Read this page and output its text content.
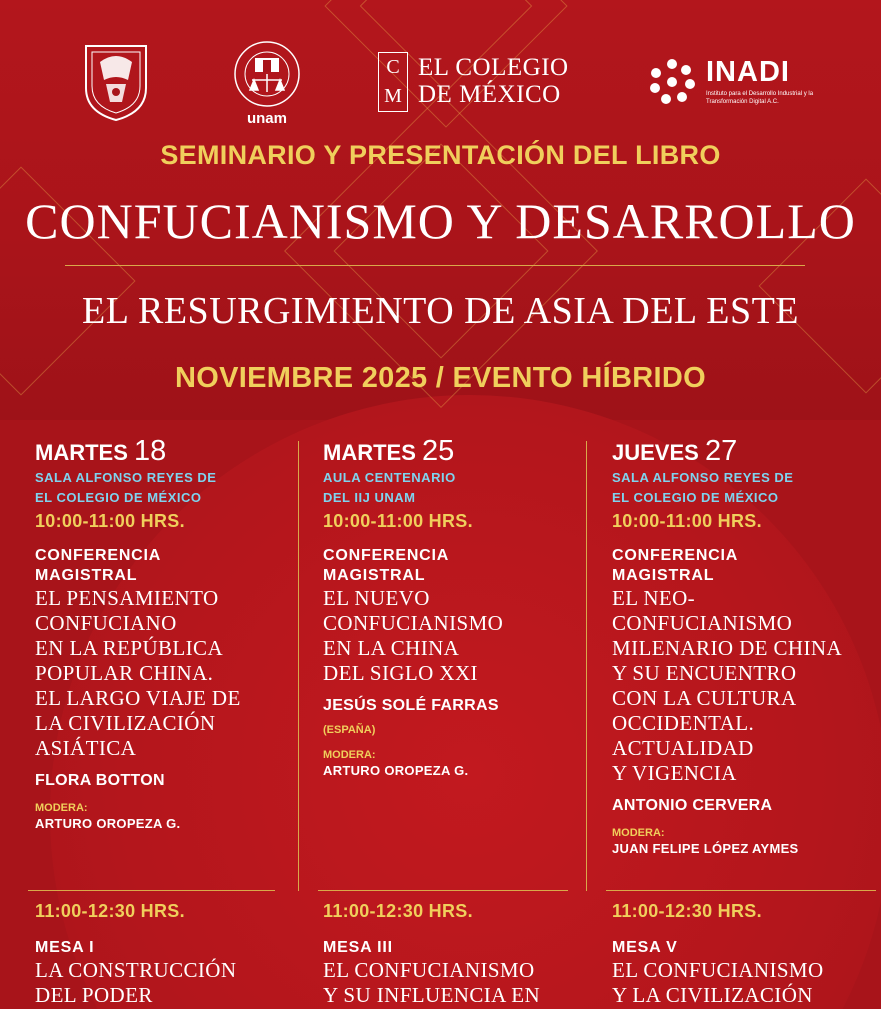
unam
C
M
EL COLEGIO
DE MÉXICO
INADI
Instituto para el Desarrollo Industrial y la Transformación Digital A.C.
SEMINARIO Y PRESENTACIÓN DEL LIBRO
CONFUCIANISMO Y DESARROLLO
EL RESURGIMIENTO DE ASIA DEL ESTE
NOVIEMBRE 2025 / EVENTO HÍBRIDO
MARTES 18
SALA ALFONSO REYES DE
EL COLEGIO DE MÉXICO
10:00-11:00 HRS.
CONFERENCIA
MAGISTRAL
EL PENSAMIENTO
CONFUCIANO
EN LA REPÚBLICA
POPULAR CHINA.
EL LARGO VIAJE DE
LA CIVILIZACIÓN
ASIÁTICA
FLORA BOTTON
MODERA:
ARTURO OROPEZA G.
MARTES 25
AULA CENTENARIO
DEL IIJ UNAM
10:00-11:00 HRS.
CONFERENCIA
MAGISTRAL
EL NUEVO
CONFUCIANISMO
EN LA CHINA
DEL SIGLO XXI
JESÚS SOLÉ FARRAS
(ESPAÑA)
MODERA:
ARTURO OROPEZA G.
JUEVES 27
SALA ALFONSO REYES DE
EL COLEGIO DE MÉXICO
10:00-11:00 HRS.
CONFERENCIA
MAGISTRAL
EL NEO-
CONFUCIANISMO
MILENARIO DE CHINA
Y SU ENCUENTRO
CON LA CULTURA
OCCIDENTAL.
ACTUALIDAD
Y VIGENCIA
ANTONIO CERVERA
MODERA:
JUAN FELIPE LÓPEZ AYMES
11:00-12:30 HRS.
MESA I
LA CONSTRUCCIÓN
DEL PODER
11:00-12:30 HRS.
MESA III
EL CONFUCIANISMO
Y SU INFLUENCIA EN
11:00-12:30 HRS.
MESA V
EL CONFUCIANISMO
Y LA CIVILIZACIÓN
